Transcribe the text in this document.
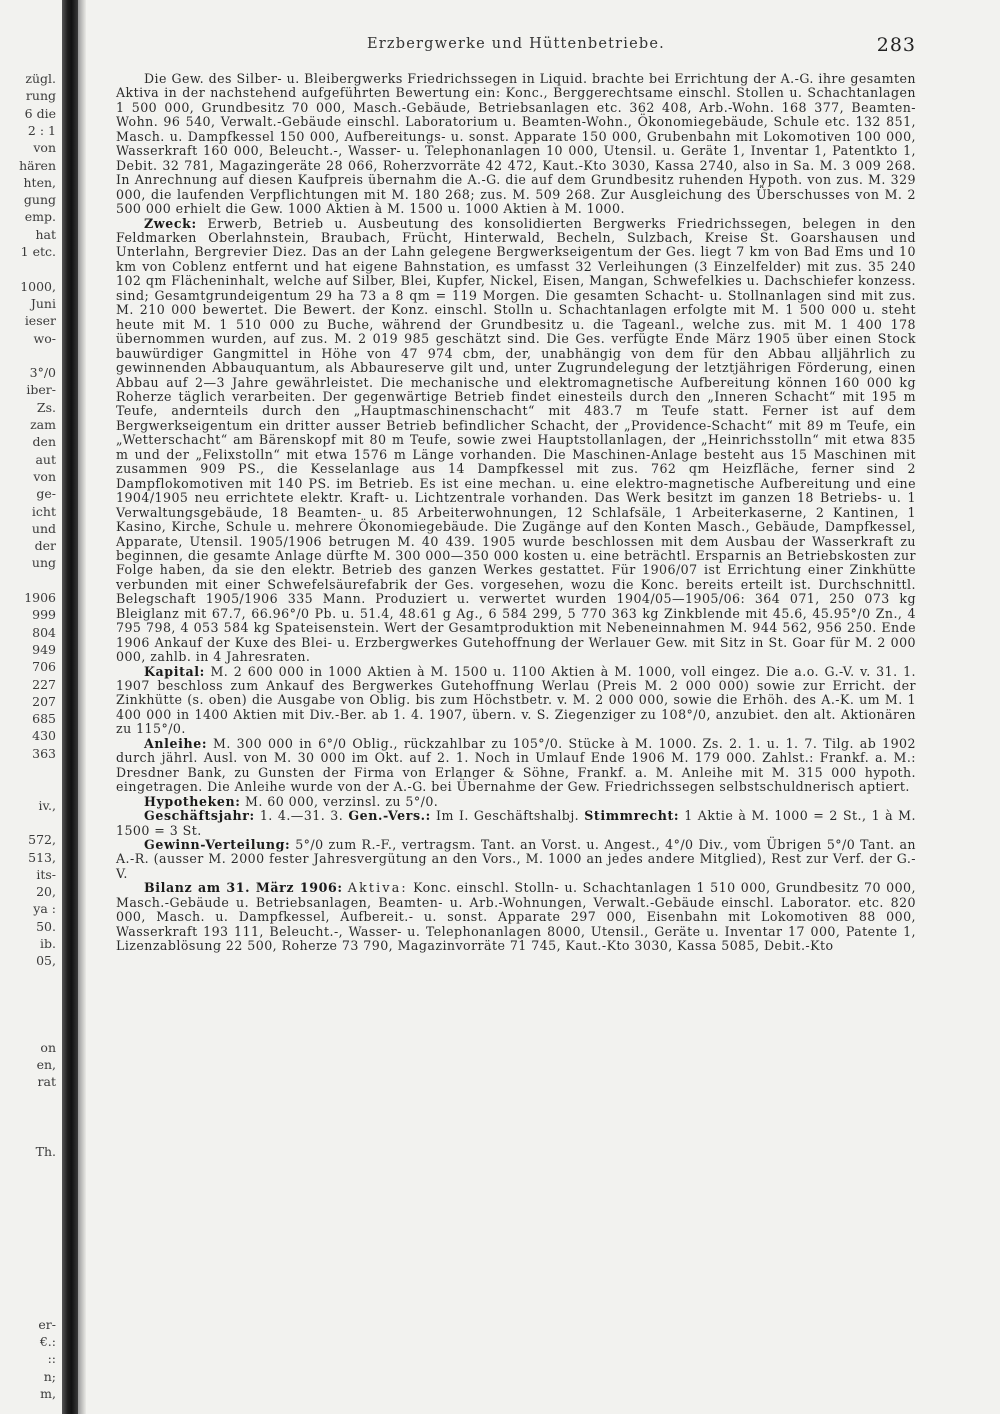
zügl.
rung
6 die
2 : 1
von
hären
hten,
gung
emp.
hat
1 etc.
1000,
Juni
ieser
wo-
3°/0
iber-
Zs.
zam
den
aut
von
ge-
icht
und
der
ung
1906
999
804
949
706
227
207
685
430
363
iv.,
572,
513,
its-
20,
ya :
50.
ib.
05,
on
en,
rat
Th.
er-
€.:
::
n;
m,
Erzbergwerke und Hüttenbetriebe.	283

Die Gew. des Silber- u. Bleibergwerks Friedrichssegen in Liquid. brachte bei Errichtung der A.-G. ihre gesamten Aktiva in der nachstehend aufgeführten Bewertung ein: Konc., Berggerechtsame einschl. Stollen u. Schachtanlagen 1 500 000, Grundbesitz 70 000, Masch.-Gebäude, Betriebsanlagen etc. 362 408, Arb.-Wohn. 168 377, Beamten-Wohn. 96 540, Verwalt.-Gebäude einschl. Laboratorium u. Beamten-Wohn., Ökonomiegebäude, Schule etc. 132 851, Masch. u. Dampfkessel 150 000, Aufbereitungs- u. sonst. Apparate 150 000, Grubenbahn mit Lokomotiven 100 000, Wasserkraft 160 000, Beleucht.-, Wasser- u. Telephonanlagen 10 000, Utensil. u. Geräte 1, Inventar 1, Patentkto 1, Debit. 32 781, Magazingeräte 28 066, Roherzvorräte 42 472, Kaut.-Kto 3030, Kassa 2740, also in Sa. M. 3 009 268. In Anrechnung auf diesen Kaufpreis übernahm die A.-G. die auf dem Grundbesitz ruhenden Hypoth. von zus. M. 329 000, die laufenden Verpflichtungen mit M. 180 268; zus. M. 509 268. Zur Ausgleichung des Überschusses von M. 2 500 000 erhielt die Gew. 1000 Aktien à M. 1500 u. 1000 Aktien à M. 1000.

Zweck: Erwerb, Betrieb u. Ausbeutung des konsolidierten Bergwerks Friedrichssegen, belegen in den Feldmarken Oberlahnstein, Braubach, Frücht, Hinterwald, Becheln, Sulzbach, Kreise St. Goarshausen und Unterlahn, Bergrevier Diez. Das an der Lahn gelegene Bergwerkseigentum der Ges. liegt 7 km von Bad Ems und 10 km von Coblenz entfernt und hat eigene Bahnstation, es umfasst 32 Verleihungen (3 Einzelfelder) mit zus. 35 240 102 qm Flächeninhalt, welche auf Silber, Blei, Kupfer, Nickel, Eisen, Mangan, Schwefelkies u. Dachschiefer konzess. sind; Gesamtgrundeigentum 29 ha 73 a 8 qm = 119 Morgen. Die gesamten Schacht- u. Stollnanlagen sind mit zus. M. 210 000 bewertet. Die Bewert. der Konz. einschl. Stolln u. Schachtanlagen erfolgte mit M. 1 500 000 u. steht heute mit M. 1 510 000 zu Buche, während der Grundbesitz u. die Tageanl., welche zus. mit M. 1 400 178 übernommen wurden, auf zus. M. 2 019 985 geschätzt sind. Die Ges. verfügte Ende März 1905 über einen Stock bauwürdiger Gangmittel in Höhe von 47 974 cbm, der, unabhängig von dem für den Abbau alljährlich zu gewinnenden Abbauquantum, als Abbaureserve gilt und, unter Zugrundelegung der letztjährigen Förderung, einen Abbau auf 2—3 Jahre gewährleistet. Die mechanische und elektromagnetische Aufbereitung können 160 000 kg Roherze täglich verarbeiten. Der gegenwärtige Betrieb findet einesteils durch den „Inneren Schacht“ mit 195 m Teufe, andernteils durch den „Hauptmaschinenschacht“ mit 483.7 m Teufe statt. Ferner ist auf dem Bergwerkseigentum ein dritter ausser Betrieb befindlicher Schacht, der „Providence-Schacht“ mit 89 m Teufe, ein „Wetterschacht“ am Bärenskopf mit 80 m Teufe, sowie zwei Hauptstollanlagen, der „Heinrichsstolln“ mit etwa 835 m und der „Felixstolln“ mit etwa 1576 m Länge vorhanden. Die Maschinen-Anlage besteht aus 15 Maschinen mit zusammen 909 PS., die Kesselanlage aus 14 Dampfkessel mit zus. 762 qm Heizfläche, ferner sind 2 Dampflokomotiven mit 140 PS. im Betrieb. Es ist eine mechan. u. eine elektro-magnetische Aufbereitung und eine 1904/1905 neu errichtete elektr. Kraft- u. Lichtzentrale vorhanden. Das Werk besitzt im ganzen 18 Betriebs- u. 1 Verwaltungsgebäude, 18 Beamten- u. 85 Arbeiterwohnungen, 12 Schlafsäle, 1 Arbeiterkaserne, 2 Kantinen, 1 Kasino, Kirche, Schule u. mehrere Ökonomiegebäude. Die Zugänge auf den Konten Masch., Gebäude, Dampfkessel, Apparate, Utensil. 1905/1906 betrugen M. 40 439. 1905 wurde beschlossen mit dem Ausbau der Wasserkraft zu beginnen, die gesamte Anlage dürfte M. 300 000—350 000 kosten u. eine beträchtl. Ersparnis an Betriebskosten zur Folge haben, da sie den elektr. Betrieb des ganzen Werkes gestattet. Für 1906/07 ist Errichtung einer Zinkhütte verbunden mit einer Schwefelsäurefabrik der Ges. vorgesehen, wozu die Konc. bereits erteilt ist. Durchschnittl. Belegschaft 1905/1906 335 Mann. Produziert u. verwertet wurden 1904/05—1905/06: 364 071, 250 073 kg Bleiglanz mit 67.7, 66.96°/0 Pb. u. 51.4, 48.61 g Ag., 6 584 299, 5 770 363 kg Zinkblende mit 45.6, 45.95°/0 Zn., 4 795 798, 4 053 584 kg Spateisenstein. Wert der Gesamtproduktion mit Nebeneinnahmen M. 944 562, 956 250. Ende 1906 Ankauf der Kuxe des Blei- u. Erzbergwerkes Gutehoffnung der Werlauer Gew. mit Sitz in St. Goar für M. 2 000 000, zahlb. in 4 Jahresraten.

Kapital: M. 2 600 000 in 1000 Aktien à M. 1500 u. 1100 Aktien à M. 1000, voll eingez. Die a.o. G.-V. v. 31. 1. 1907 beschloss zum Ankauf des Bergwerkes Gutehoffnung Werlau (Preis M. 2 000 000) sowie zur Erricht. der Zinkhütte (s. oben) die Ausgabe von Oblig. bis zum Höchstbetr. v. M. 2 000 000, sowie die Erhöh. des A.-K. um M. 1 400 000 in 1400 Aktien mit Div.-Ber. ab 1. 4. 1907, übern. v. S. Ziegenziger zu 108°/0, anzubiet. den alt. Aktionären zu 115°/0.

Anleihe: M. 300 000 in 6°/0 Oblig., rückzahlbar zu 105°/0. Stücke à M. 1000. Zs. 2. 1. u. 1. 7. Tilg. ab 1902 durch jährl. Ausl. von M. 30 000 im Okt. auf 2. 1. Noch in Umlauf Ende 1906 M. 179 000. Zahlst.: Frankf. a. M.: Dresdner Bank, zu Gunsten der Firma von Erlanger & Söhne, Frankf. a. M. Anleihe mit M. 315 000 hypoth. eingetragen. Die Anleihe wurde von der A.-G. bei Übernahme der Gew. Friedrichssegen selbstschuldnerisch aptiert.

Hypotheken: M. 60 000, verzinsl. zu 5°/0.

Geschäftsjahr: 1. 4.—31. 3. Gen.-Vers.: Im I. Geschäftshalbj. Stimmrecht: 1 Aktie à M. 1000 = 2 St., 1 à M. 1500 = 3 St.

Gewinn-Verteilung: 5°/0 zum R.-F., vertragsm. Tant. an Vorst. u. Angest., 4°/0 Div., vom Übrigen 5°/0 Tant. an A.-R. (ausser M. 2000 fester Jahresvergütung an den Vors., M. 1000 an jedes andere Mitglied), Rest zur Verf. der G.-V.

Bilanz am 31. März 1906: Aktiva: Konc. einschl. Stolln- u. Schachtanlagen 1 510 000, Grundbesitz 70 000, Masch.-Gebäude u. Betriebsanlagen, Beamten- u. Arb.-Wohnungen, Verwalt.-Gebäude einschl. Laborator. etc. 820 000, Masch. u. Dampfkessel, Aufbereit.- u. sonst. Apparate 297 000, Eisenbahn mit Lokomotiven 88 000, Wasserkraft 193 111, Beleucht.-, Wasser- u. Telephonanlagen 8000, Utensil., Geräte u. Inventar 17 000, Patente 1, Lizenzablösung 22 500, Roherze 73 790, Magazinvorräte 71 745, Kaut.-Kto 3030, Kassa 5085, Debit.-Kto
